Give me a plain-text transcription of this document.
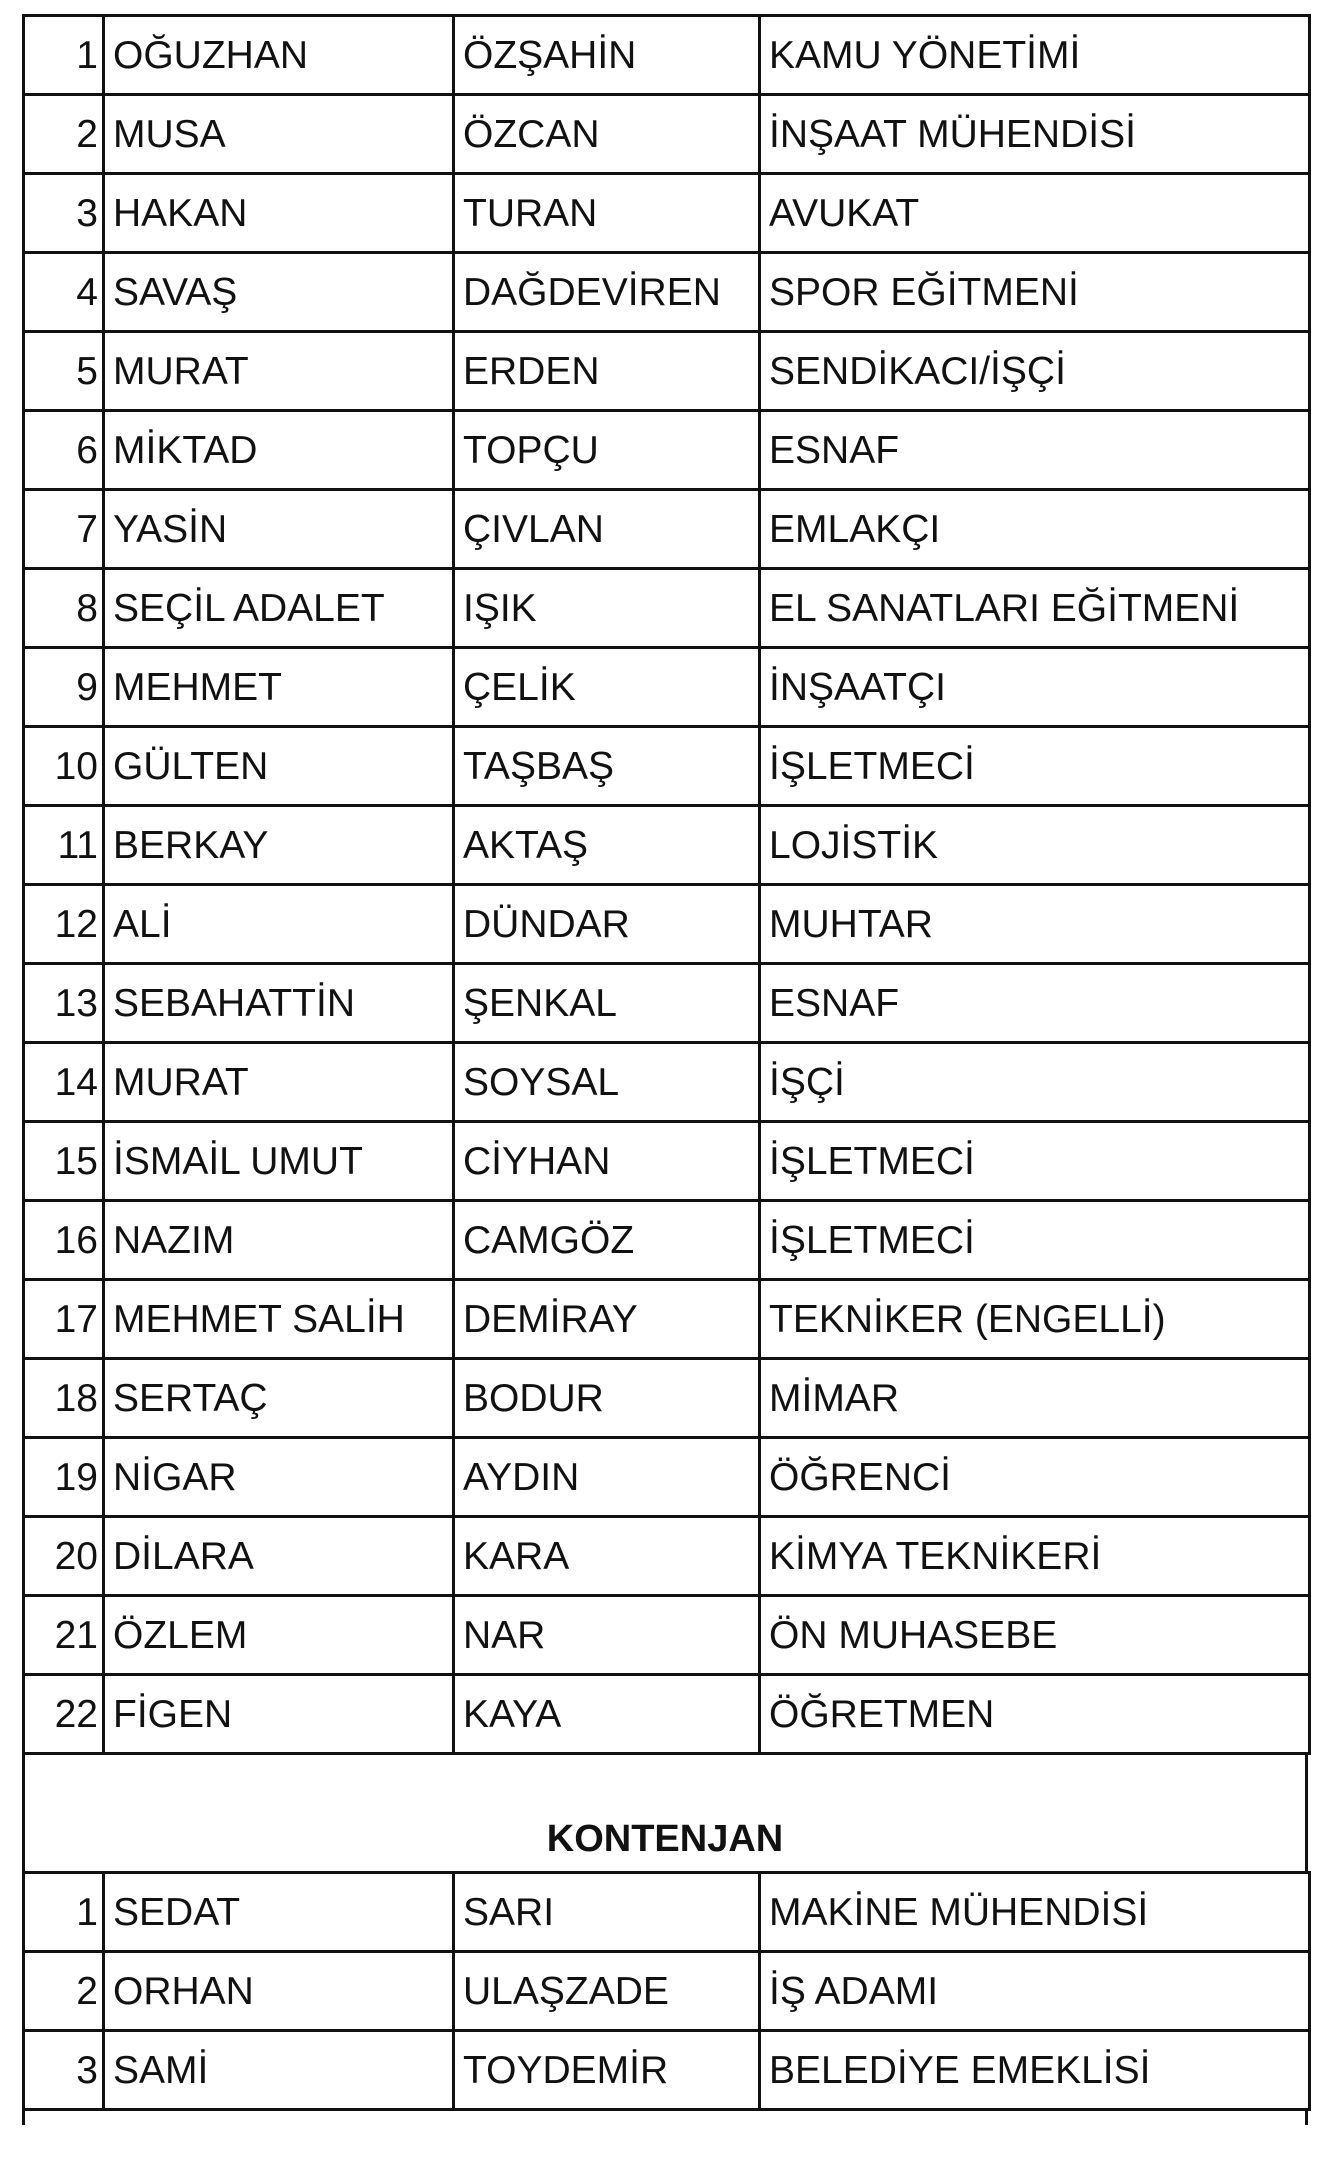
1	OĞUZHAN	ÖZŞAHİN	KAMU YÖNETİMİ
2	MUSA	ÖZCAN	İNŞAAT MÜHENDİSİ
3	HAKAN	TURAN	AVUKAT
4	SAVAŞ	DAĞDEVİREN	SPOR EĞİTMENİ
5	MURAT	ERDEN	SENDİKACI/İŞÇİ
6	MİKTAD	TOPÇU	ESNAF
7	YASİN	ÇIVLAN	EMLAKÇI
8	SEÇİL ADALET	IŞIK	EL SANATLARI EĞİTMENİ
9	MEHMET	ÇELİK	İNŞAATÇI
10	GÜLTEN	TAŞBAŞ	İŞLETMECİ
11	BERKAY	AKTAŞ	LOJİSTİK
12	ALİ	DÜNDAR	MUHTAR
13	SEBAHATTİN	ŞENKAL	ESNAF
14	MURAT	SOYSAL	İŞÇİ
15	İSMAİL UMUT	CİYHAN	İŞLETMECİ
16	NAZIM	CAMGÖZ	İŞLETMECİ
17	MEHMET SALİH	DEMİRAY	TEKNİKER (ENGELLİ)
18	SERTAÇ	BODUR	MİMAR
19	NİGAR	AYDIN	ÖĞRENCİ
20	DİLARA	KARA	KİMYA TEKNİKERİ
21	ÖZLEM	NAR	ÖN MUHASEBE
22	FİGEN	KAYA	ÖĞRETMEN
KONTENJAN
1	SEDAT	SARI	MAKİNE MÜHENDİSİ
2	ORHAN	ULAŞZADE	İŞ ADAMI
3	SAMİ	TOYDEMİR	BELEDİYE EMEKLİSİ
